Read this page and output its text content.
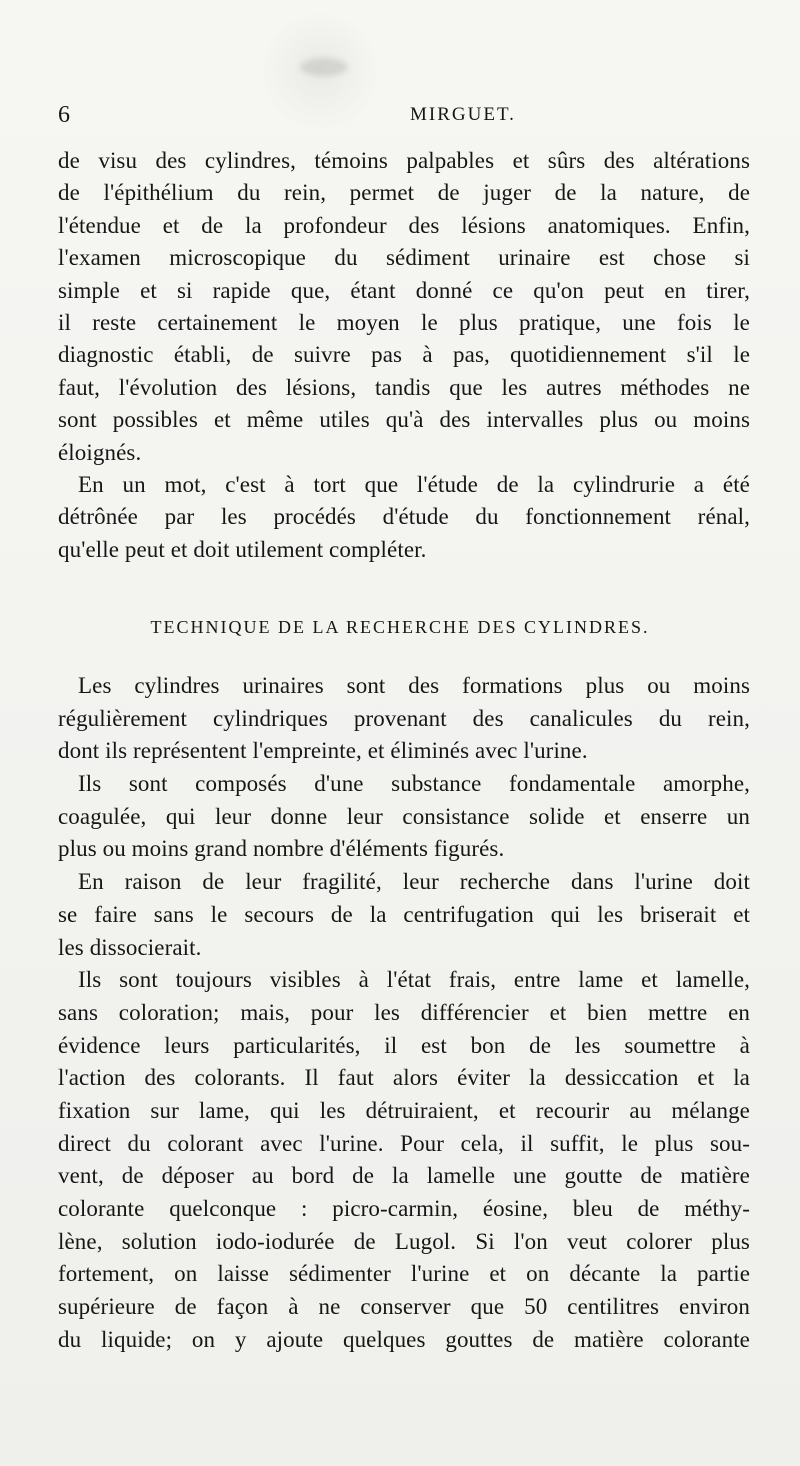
6	MIRGUET.
de visu des cylindres, témoins palpables et sûrs des altérations
de l'épithélium du rein, permet de juger de la nature, de
l'étendue et de la profondeur des lésions anatomiques. Enfin,
l'examen microscopique du sédiment urinaire est chose si
simple et si rapide que, étant donné ce qu'on peut en tirer,
il reste certainement le moyen le plus pratique, une fois le
diagnostic établi, de suivre pas à pas, quotidiennement s'il le
faut, l'évolution des lésions, tandis que les autres méthodes ne
sont possibles et même utiles qu'à des intervalles plus ou moins
éloignés.
En un mot, c'est à tort que l'étude de la cylindrurie a été
détrônée par les procédés d'étude du fonctionnement rénal,
qu'elle peut et doit utilement compléter.
TECHNIQUE DE LA RECHERCHE DES CYLINDRES.
Les cylindres urinaires sont des formations plus ou moins
régulièrement cylindriques provenant des canalicules du rein,
dont ils représentent l'empreinte, et éliminés avec l'urine.
Ils sont composés d'une substance fondamentale amorphe,
coagulée, qui leur donne leur consistance solide et enserre un
plus ou moins grand nombre d'éléments figurés.
En raison de leur fragilité, leur recherche dans l'urine doit
se faire sans le secours de la centrifugation qui les briserait et
les dissocierait.
Ils sont toujours visibles à l'état frais, entre lame et lamelle,
sans coloration; mais, pour les différencier et bien mettre en
évidence leurs particularités, il est bon de les soumettre à
l'action des colorants. Il faut alors éviter la dessiccation et la
fixation sur lame, qui les détruiraient, et recourir au mélange
direct du colorant avec l'urine. Pour cela, il suffit, le plus sou-
vent, de déposer au bord de la lamelle une goutte de matière
colorante quelconque : picro-carmin, éosine, bleu de méthy-
lène, solution iodo-iodurée de Lugol. Si l'on veut colorer plus
fortement, on laisse sédimenter l'urine et on décante la partie
supérieure de façon à ne conserver que 50 centilitres environ
du liquide; on y ajoute quelques gouttes de matière colorante
